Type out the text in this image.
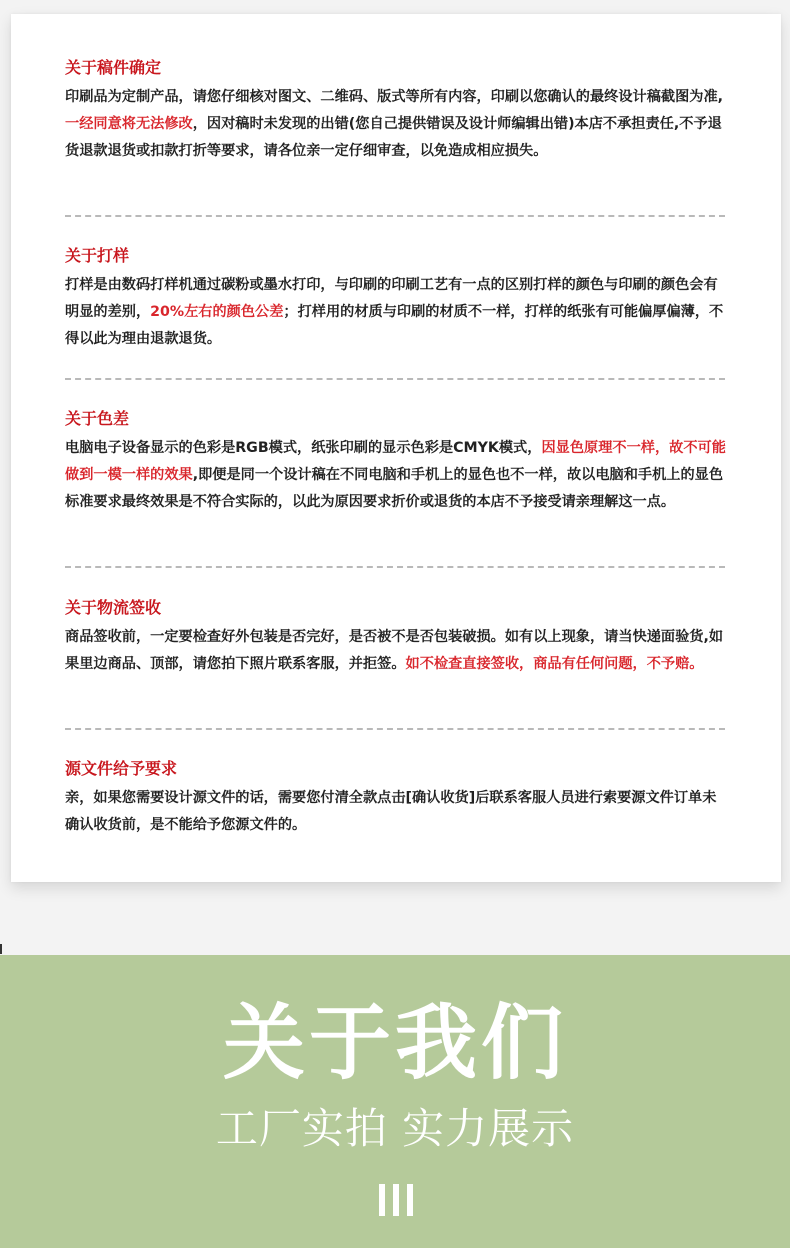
关于稿件确定

印刷品为定制产品，请您仔细核对图文、二维码、版式等所有内容，印刷以您确认的最终设计稿截图为准,一经同意将无法修改，因对稿时未发现的出错(您自己提供错误及设计师编辑出错)本店不承担责任,不予退货退款退货或扣款打折等要求，请各位亲一定仔细审查，以免造成相应损失。

关于打样

打样是由数码打样机通过碳粉或墨水打印，与印刷的印刷工艺有一点的区别打样的颜色与印刷的颜色会有明显的差别，20%左右的颜色公差；打样用的材质与印刷的材质不一样，打样的纸张有可能偏厚偏薄，不得以此为理由退款退货。

关于色差

电脑电子设备显示的色彩是RGB模式，纸张印刷的显示色彩是CMYK模式，因显色原理不一样，故不可能做到一模一样的效果,即便是同一个设计稿在不同电脑和手机上的显色也不一样，故以电脑和手机上的显色标准要求最终效果是不符合实际的，以此为原因要求折价或退货的本店不予接受请亲理解这一点。

关于物流签收

商品签收前，一定要检查好外包装是否完好，是否被不是否包装破损。如有以上现象，请当快递面验货,如果里边商品、顶部，请您拍下照片联系客服，并拒签。如不检查直接签收，商品有任何问题，不予赔。

源文件给予要求

亲，如果您需要设计源文件的话，需要您付清全款点击[确认收货]后联系客服人员进行索要源文件订单未确认收货前，是不能给予您源文件的。

关于我们
工厂实拍 实力展示
